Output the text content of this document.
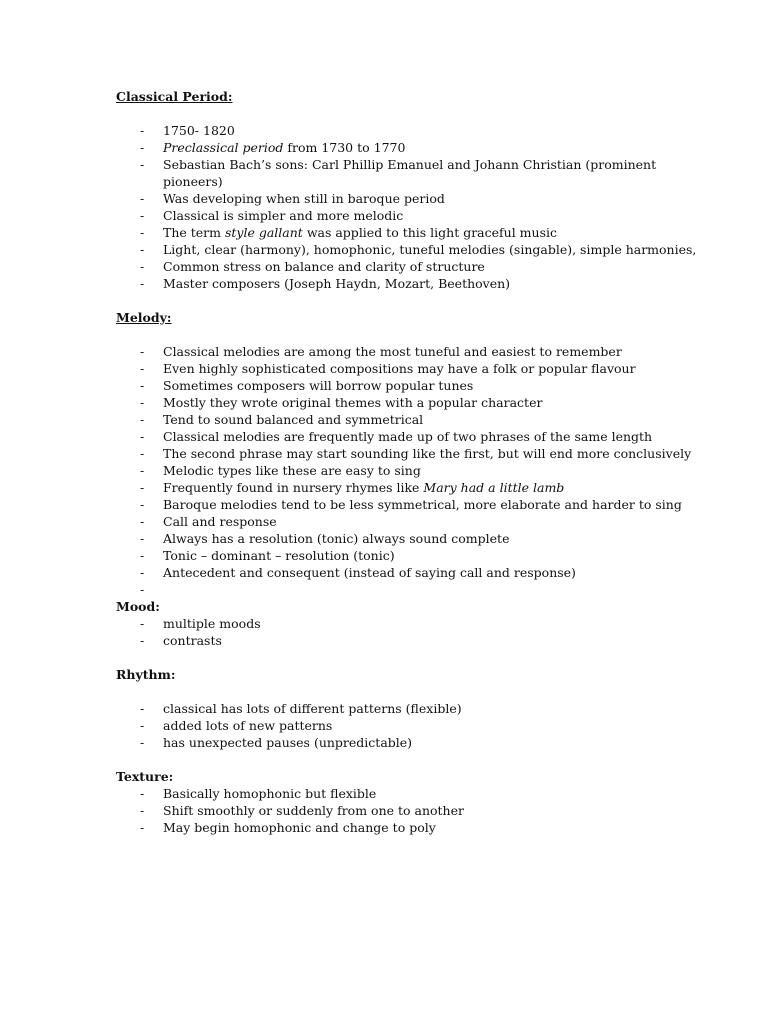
Classical Period:
- 1750- 1820
- Preclassical period from 1730 to 1770
- Sebastian Bach’s sons: Carl Phillip Emanuel and Johann Christian (prominent pioneers)
- Was developing when still in baroque period
- Classical is simpler and more melodic
- The term style gallant was applied to this light graceful music
- Light, clear (harmony), homophonic, tuneful melodies (singable), simple harmonies,
- Common stress on balance and clarity of structure
- Master composers (Joseph Haydn, Mozart, Beethoven)
Melody:
- Classical melodies are among the most tuneful and easiest to remember
- Even highly sophisticated compositions may have a folk or popular flavour
- Sometimes composers will borrow popular tunes
- Mostly they wrote original themes with a popular character
- Tend to sound balanced and symmetrical
- Classical melodies are frequently made up of two phrases of the same length
- The second phrase may start sounding like the first, but will end more conclusively
- Melodic types like these are easy to sing
- Frequently found in nursery rhymes like Mary had a little lamb
- Baroque melodies tend to be less symmetrical, more elaborate and harder to sing
- Call and response
- Always has a resolution (tonic) always sound complete
- Tonic – dominant – resolution (tonic)
- Antecedent and consequent (instead of saying call and response)
-
Mood:
- multiple moods
- contrasts
Rhythm:
- classical has lots of different patterns (flexible)
- added lots of new patterns
- has unexpected pauses (unpredictable)
Texture:
- Basically homophonic but flexible
- Shift smoothly or suddenly from one to another
- May begin homophonic and change to poly
